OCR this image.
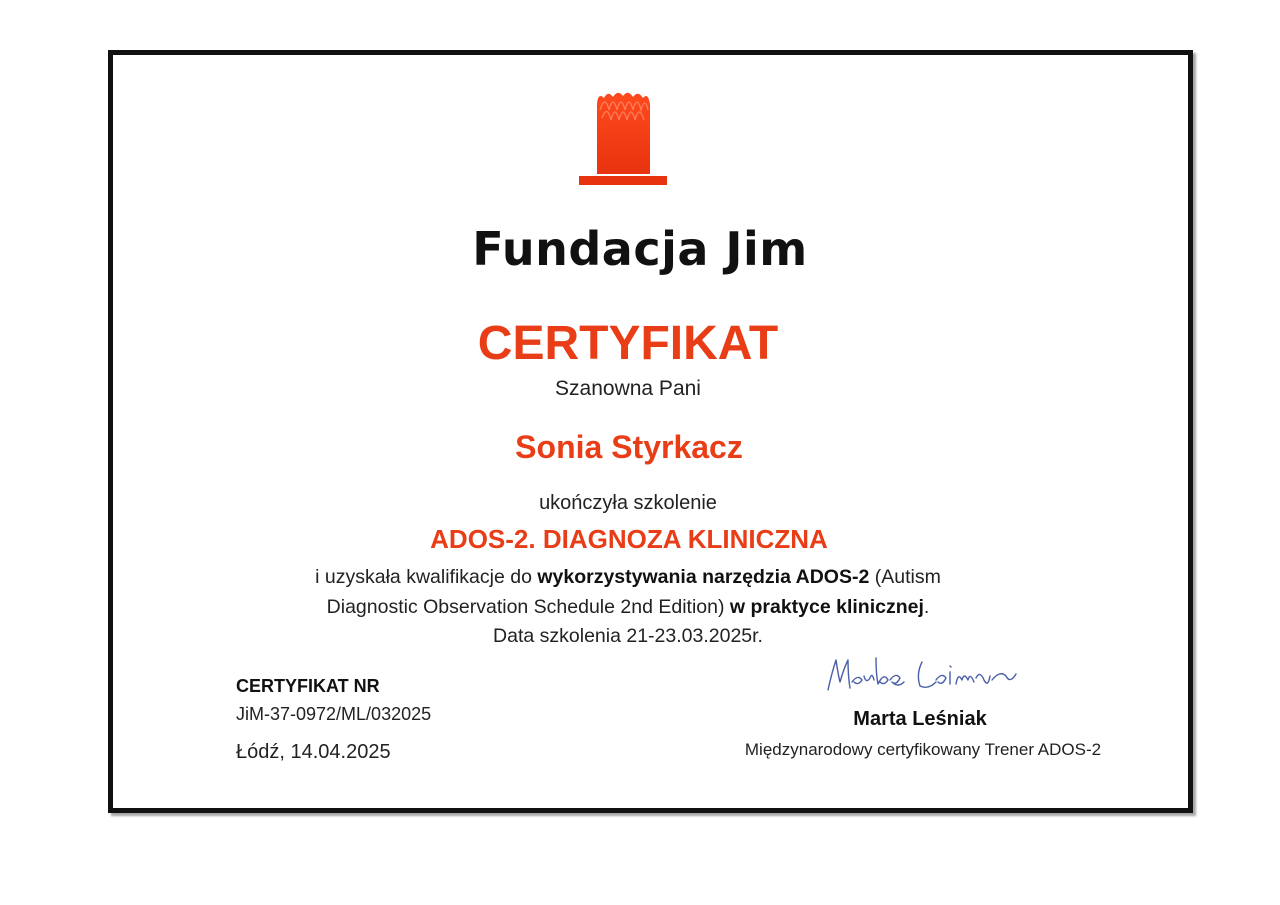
Fundacja Jim
CERTYFIKAT
Szanowna Pani
Sonia Styrkacz
ukończyła szkolenie
ADOS-2. DIAGNOZA KLINICZNA
i uzyskała kwalifikacje do wykorzystywania narzędzia ADOS-2 (Autism Diagnostic Observation Schedule 2nd Edition) w praktyce klinicznej.
Data szkolenia 21-23.03.2025r.
CERTYFIKAT NR
JiM-37-0972/ML/032025
Łódź, 14.04.2025
Marta Leśniak
Międzynarodowy certyfikowany Trener ADOS-2
